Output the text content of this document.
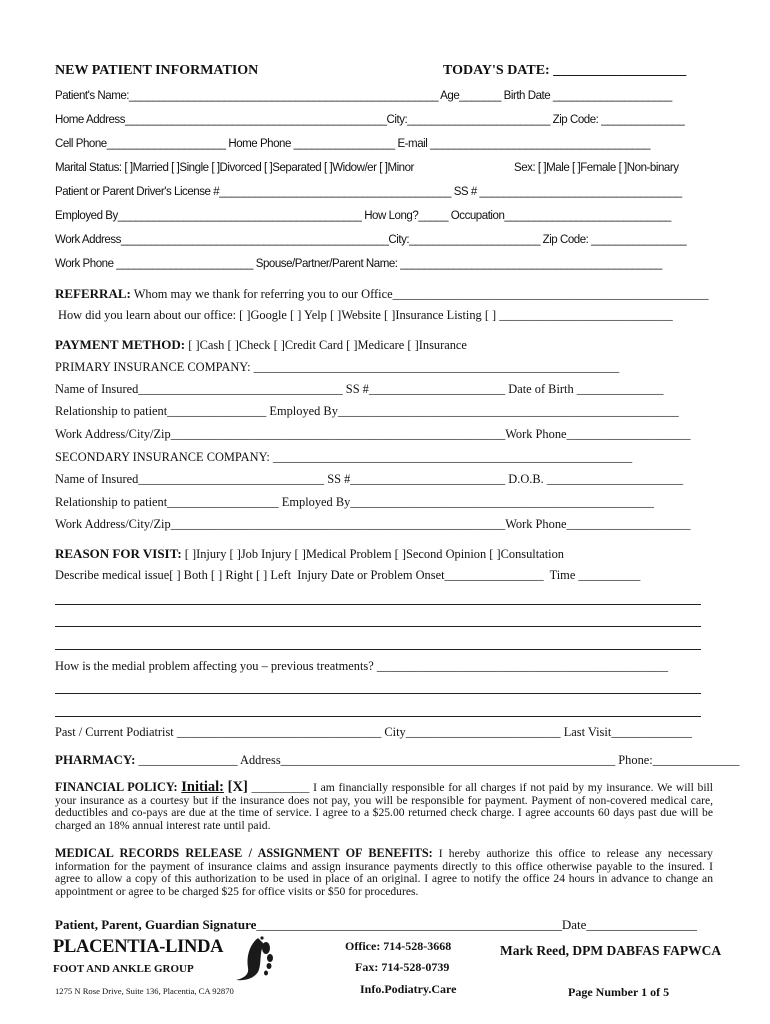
NEW PATIENT INFORMATION	TODAY'S DATE: ___________________
Patient's Name:____________________________________________________ Age_______ Birth Date ____________________
Home Address____________________________________________City:________________________ Zip Code: ______________
Cell Phone____________________ Home Phone _________________ E-mail _____________________________________
Marital Status: [ ]Married [ ]Single [ ]Divorced [ ]Separated [ ]Widow/er [ ]Minor	Sex: [ ]Male [ ]Female [ ]Non-binary
Patient or Parent Driver's License #_______________________________________ SS # __________________________________
Employed By_________________________________________ How Long?_____ Occupation____________________________
Work Address_____________________________________________City:______________________ Zip Code: ________________
Work Phone _______________________ Spouse/Partner/Parent Name: ____________________________________________
REFERRAL: Whom may we thank for referring you to our Office___________________________________________________
How did you learn about our office: [ ]Google [ ] Yelp [ ]Website [ ]Insurance Listing [ ] ____________________________
PAYMENT METHOD: [ ]Cash [ ]Check [ ]Credit Card [ ]Medicare [ ]Insurance
PRIMARY INSURANCE COMPANY: ___________________________________________________________
Name of Insured_________________________________ SS #______________________ Date of Birth ______________
Relationship to patient________________ Employed By_______________________________________________________
Work Address/City/Zip______________________________________________________Work Phone____________________
SECONDARY INSURANCE COMPANY: __________________________________________________________
Name of Insured______________________________ SS #_________________________ D.O.B. ______________________
Relationship to patient__________________ Employed By_________________________________________________
Work Address/City/Zip______________________________________________________Work Phone____________________
REASON FOR VISIT: [ ]Injury [ ]Job Injury [ ]Medical Problem [ ]Second Opinion [ ]Consultation
Describe medical issue[ ] Both [ ] Right [ ] Left  Injury Date or Problem Onset________________  Time __________
How is the medial problem affecting you – previous treatments? _______________________________________________
Past / Current Podiatrist _________________________________ City_________________________ Last Visit_____________
PHARMACY: ________________ Address______________________________________________________ Phone:______________
FINANCIAL POLICY: Initial: [X] __________ I am financially responsible for all charges if not paid by my insurance. We will bill your insurance as a courtesy but if the insurance does not pay, you will be responsible for payment. Payment of non-covered medical care, deductibles and co-pays are due at the time of service. I agree to a $25.00 returned check charge. I agree accounts 60 days past due will be charged an 18% annual interest rate until paid.
MEDICAL RECORDS RELEASE / ASSIGNMENT OF BENEFITS: I hereby authorize this office to release any necessary information for the payment of insurance claims and assign insurance payments directly to this office otherwise payable to the insured. I agree to allow a copy of this authorization to be used in place of an original. I agree to notify the office 24 hours in advance to change an appointment or agree to be charged $25 for office visits or $50 for procedures.
Patient, Parent, Guardian Signature_______________________________________________Date_________________
PLACENTIA-LINDA
FOOT AND ANKLE GROUP
1275 N Rose Drive, Suite 136, Placentia, CA 92870
Office: 714-528-3668
Fax: 714-528-0739
Info.Podiatry.Care
Mark Reed, DPM DABFAS FAPWCA
Page Number 1 of 5
